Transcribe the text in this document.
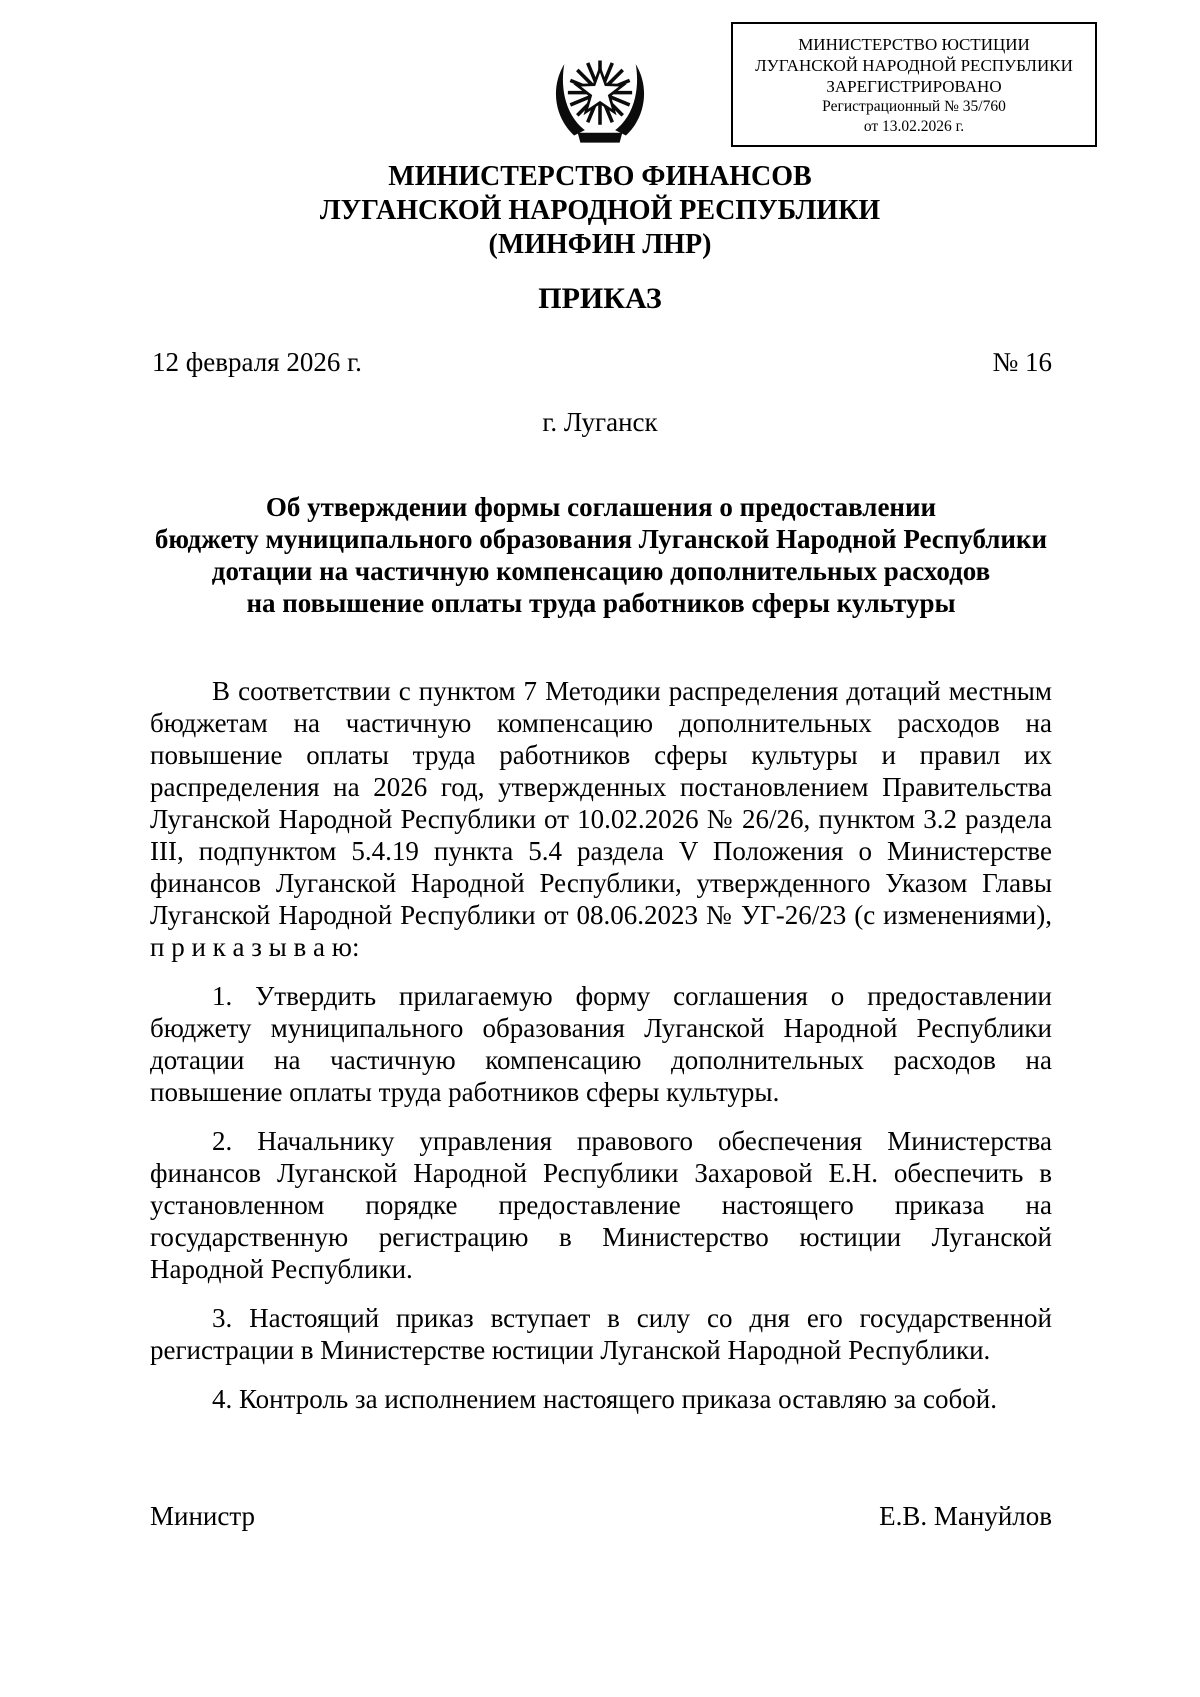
МИНИСТЕРСТВО ЮСТИЦИИ
ЛУГАНСКОЙ НАРОДНОЙ РЕСПУБЛИКИ
ЗАРЕГИСТРИРОВАНО
Регистрационный № 35/760
от 13.02.2026 г.
МИНИСТЕРСТВО ФИНАНСОВ
ЛУГАНСКОЙ НАРОДНОЙ РЕСПУБЛИКИ
(МИНФИН ЛНР)
ПРИКАЗ
12 февраля 2026 г.	№ 16
г. Луганск
Об утверждении формы соглашения о предоставлении
бюджету муниципального образования Луганской Народной Республики
дотации на частичную компенсацию дополнительных расходов
на повышение оплаты труда работников сферы культуры

В соответствии с пунктом 7 Методики распределения дотаций местным бюджетам на частичную компенсацию дополнительных расходов на повышение оплаты труда работников сферы культуры и правил их распределения на 2026 год, утвержденных постановлением Правительства Луганской Народной Республики от 10.02.2026 № 26/26, пунктом 3.2 раздела III, подпунктом 5.4.19 пункта 5.4 раздела V Положения о Министерстве финансов Луганской Народной Республики, утвержденного Указом Главы Луганской Народной Республики от 08.06.2023 № УГ-26/23 (с изменениями), п р и к а з ы в а ю:

1. Утвердить прилагаемую форму соглашения о предоставлении бюджету муниципального образования Луганской Народной Республики дотации на частичную компенсацию дополнительных расходов на повышение оплаты труда работников сферы культуры.

2. Начальнику управления правового обеспечения Министерства финансов Луганской Народной Республики Захаровой Е.Н. обеспечить в установленном порядке предоставление настоящего приказа на государственную регистрацию в Министерство юстиции Луганской Народной Республики.

3. Настоящий приказ вступает в силу со дня его государственной регистрации в Министерстве юстиции Луганской Народной Республики.

4. Контроль за исполнением настоящего приказа оставляю за собой.

Министр	Е.В. Мануйлов
